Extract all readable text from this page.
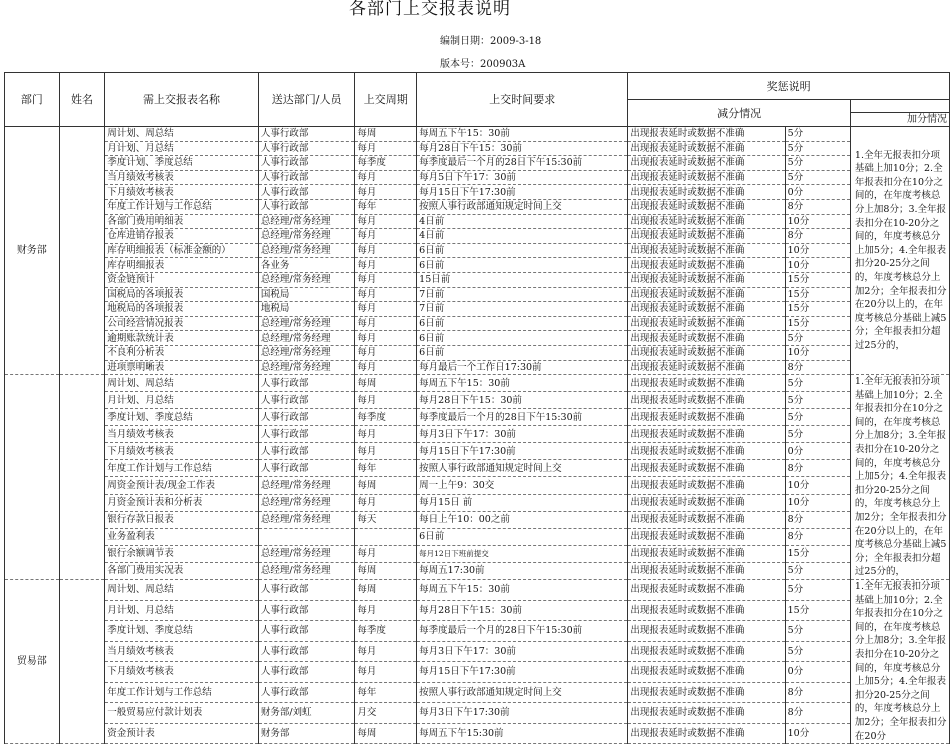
各部门上交报表说明
编制日期：2009-3-18
版本号：200903A
部门	姓名	需上交报表名称	送达部门/人员	上交周期	上交时间要求	奖惩说明		
						减分情况		
								加分情况
财务部		周计划、周总结	人事行政部	每周	每周五下午15：30前	出现报表延时或数据不准确	5分	1.全年无报表扣分项基础上加10分；2.全年报表扣分在10分之间的，在年度考核总分上加8分；3.全年报表扣分在10-20分之间的，年度考核总分上加5分；4.全年报表扣分20-25分之间的，年度考核总分上加2分；全年报表扣分在20分以上的，在年度考核总分基础上减5分；全年报表扣分超过25分的，
		月计划、月总结	人事行政部	每月	每月28日下午15：30前	出现报表延时或数据不准确	5分	
		季度计划、季度总结	人事行政部	每季度	每季度最后一个月的28日下午15:30前	出现报表延时或数据不准确	5分	
		当月绩效考核表	人事行政部	每月	每月5日下午17：30前	出现报表延时或数据不准确	5分	
		下月绩效考核表	人事行政部	每月	每月15日下午17:30前	出现报表延时或数据不准确	0分	
		年度工作计划与工作总结	人事行政部	每年	按照人事行政部通知规定时间上交	出现报表延时或数据不准确	8分	
		各部门费用明细表	总经理/常务经理	每月	4日前	出现报表延时或数据不准确	10分	
		仓库进销存报表	总经理/常务经理	每月	4日前	出现报表延时或数据不准确	8分	
		库存明细报表（标准金额的）	总经理/常务经理	每月	6日前	出现报表延时或数据不准确	10分	
		库存明细报表	各业务	每月	6日前	出现报表延时或数据不准确	10分	
		资金链预计	总经理/常务经理	每月	15日前	出现报表延时或数据不准确	15分	
		国税局的各项报表	国税局	每月	7日前	出现报表延时或数据不准确	15分	
		地税局的各项报表	地税局	每月	7日前	出现报表延时或数据不准确	15分	
		公司经营情况报表	总经理/常务经理	每月	6日前	出现报表延时或数据不准确	15分	
		逾期账款统计表	总经理/常务经理	每月	6日前	出现报表延时或数据不准确	5分	
		不良利分析表	总经理/常务经理	每月	6日前	出现报表延时或数据不准确	10分	
		进项票明晰表	总经理/常务经理	每月	每月最后一个工作日17:30前	出现报表延时或数据不准确	8分	
		周计划、周总结	人事行政部	每周	每周五下午15：30前	出现报表延时或数据不准确	5分	1.全年无报表扣分项基础上加10分；2.全年报表扣分在10分之间的，在年度考核总分上加8分；3.全年报表扣分在10-20分之间的，年度考核总分上加5分；4.全年报表扣分20-25分之间的，年度考核总分上加2分；全年报表扣分在20分以上的，在年度考核总分基础上减5分；全年报表扣分超过25分的，
		月计划、月总结	人事行政部	每月	每月28日下午15：30前	出现报表延时或数据不准确	5分	
		季度计划、季度总结	人事行政部	每季度	每季度最后一个月的28日下午15:30前	出现报表延时或数据不准确	5分	
		当月绩效考核表	人事行政部	每月	每月3日下午17：30前	出现报表延时或数据不准确	5分	
		下月绩效考核表	人事行政部	每月	每月15日下午17:30前	出现报表延时或数据不准确	0分	
		年度工作计划与工作总结	人事行政部	每年	按照人事行政部通知规定时间上交	出现报表延时或数据不准确	8分	
		周资金预计表/现金工作表	总经理/常务经理	每周	周一上午9：30交	出现报表延时或数据不准确	10分	
		月资金预计表和分析表	总经理/常务经理	每月	每月15日 前	出现报表延时或数据不准确	10分	
		银行存款日报表	总经理/常务经理	每天	每日上午10：00之前	出现报表延时或数据不准确	8分	
		业务盈利表			6日前	出现报表延时或数据不准确	8分	
		银行余额调节表	总经理/常务经理	每月	每月12日下班前提交	出现报表延时或数据不准确	15分	
		各部门费用实况表	总经理/常务经理	每周	每周五17:30前	出现报表延时或数据不准确	5分	
贸易部		周计划、周总结	人事行政部	每周	每周五下午15：30前	出现报表延时或数据不准确	5分	1.全年无报表扣分项基础上加10分；2.全年报表扣分在10分之间的，在年度考核总分上加8分；3.全年报表扣分在10-20分之间的，年度考核总分上加5分；4.全年报表扣分20-25分之间的，年度考核总分上加2分；全年报表扣分在20分
		月计划、月总结	人事行政部	每月	每月28日下午15：30前	出现报表延时或数据不准确	15分	
		季度计划、季度总结	人事行政部	每季度	每季度最后一个月的28日下午15:30前	出现报表延时或数据不准确	5分	
		当月绩效考核表	人事行政部	每月	每月3日下午17：30前	出现报表延时或数据不准确	5分	
		下月绩效考核表	人事行政部	每月	每月15日下午17:30前	出现报表延时或数据不准确	0分	
		年度工作计划与工作总结	人事行政部	每年	按照人事行政部通知规定时间上交	出现报表延时或数据不准确	8分	
		一般贸易应付款计划表	财务部/刘虹	月交	每月3日下午17:30前	出现报表延时或数据不准确	8分	
		资金预计表	财务部	每周	每周五下午15:30前	出现报表延时或数据不准确	10分	
